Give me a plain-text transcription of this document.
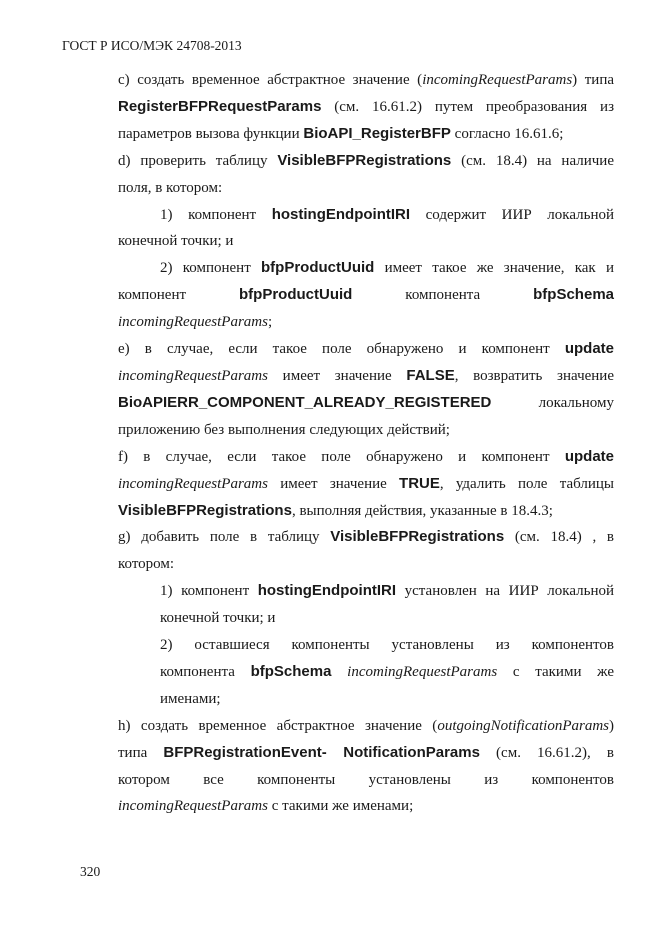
ГОСТ Р ИСО/МЭК 24708-2013
c) создать временное абстрактное значение (incomingRequestParams) типа
RegisterBFPRequestParams (см. 16.61.2) путем преобразования из
параметров вызова функции BioAPI_RegisterBFP согласно 16.61.6;
d) проверить таблицу VisibleBFPRegistrations (см. 18.4) на наличие
поля, в котором:
1) компонент hostingEndpointIRI содержит ИИР локальной
конечной точки; и
2) компонент bfpProductUuid имеет такое же значение, как и
компонент bfpProductUuid компонента bfpSchema
incomingRequestParams;
e) в случае, если такое поле обнаружено и компонент update
incomingRequestParams имеет значение FALSE, возвратить значение
BioAPIERR_COMPONENT_ALREADY_REGISTERED локальному
приложению без выполнения следующих действий;
f) в случае, если такое поле обнаружено и компонент update
incomingRequestParams имеет значение TRUE, удалить поле таблицы
VisibleBFPRegistrations, выполняя действия, указанные в 18.4.3;
g) добавить поле в таблицу VisibleBFPRegistrations (см. 18.4) , в
котором:
1) компонент hostingEndpointIRI установлен на ИИР локальной
конечной точки; и
2) оставшиеся компоненты установлены из компонентов
компонента bfpSchema incomingRequestParams с такими же
именами;
h) создать временное абстрактное значение (outgoingNotificationParams)
типа BFPRegistrationEvent- NotificationParams (см. 16.61.2), в
котором все компоненты установлены из компонентов
incomingRequestParams с такими же именами;
320
